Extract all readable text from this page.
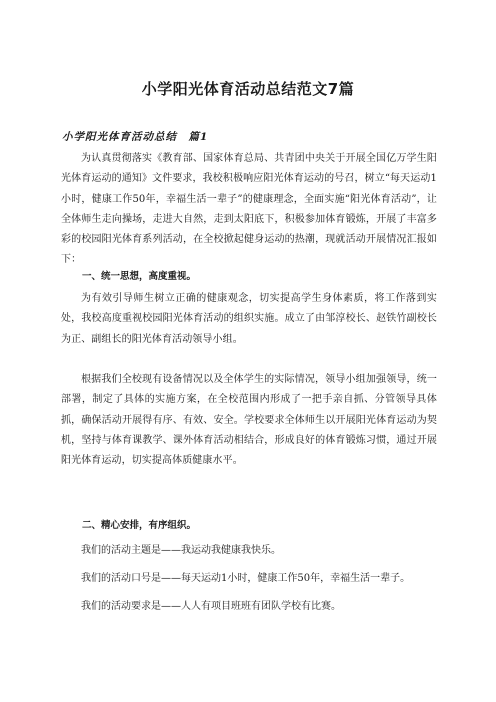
小学阳光体育活动总结范文7篇
小学阳光体育活动总结　篇1
为认真贯彻落实《教育部、国家体育总局、共青团中央关于开展全国亿万学生阳光体育运动的通知》文件要求，我校积极响应阳光体育运动的号召，树立“每天运动1小时，健康工作50年，幸福生活一辈子”的健康理念，全面实施“阳光体育活动”，让全体师生走向操场，走进大自然，走到太阳底下，积极参加体育锻炼，开展了丰富多彩的校园阳光体育系列活动，在全校掀起健身运动的热潮，现就活动开展情况汇报如下：
一、统一思想，高度重视。
为有效引导师生树立正确的健康观念，切实提高学生身体素质，将工作落到实处，我校高度重视校园阳光体育活动的组织实施。成立了由邹淳校长、赵铁竹副校长为正、副组长的阳光体育活动领导小组。
根据我们全校现有设备情况以及全体学生的实际情况，领导小组加强领导，统一部署，制定了具体的实施方案，在全校范围内形成了一把手亲自抓、分管领导具体抓，确保活动开展得有序、有效、安全。学校要求全体师生以开展阳光体育运动为契机，坚持与体育课教学、课外体育活动相结合，形成良好的体育锻炼习惯，通过开展阳光体育运动，切实提高体质健康水平。
二、精心安排，有序组织。
我们的活动主题是——我运动我健康我快乐。
我们的活动口号是——每天运动1小时，健康工作50年，幸福生活一辈子。
我们的活动要求是——人人有项目班班有团队学校有比赛。
